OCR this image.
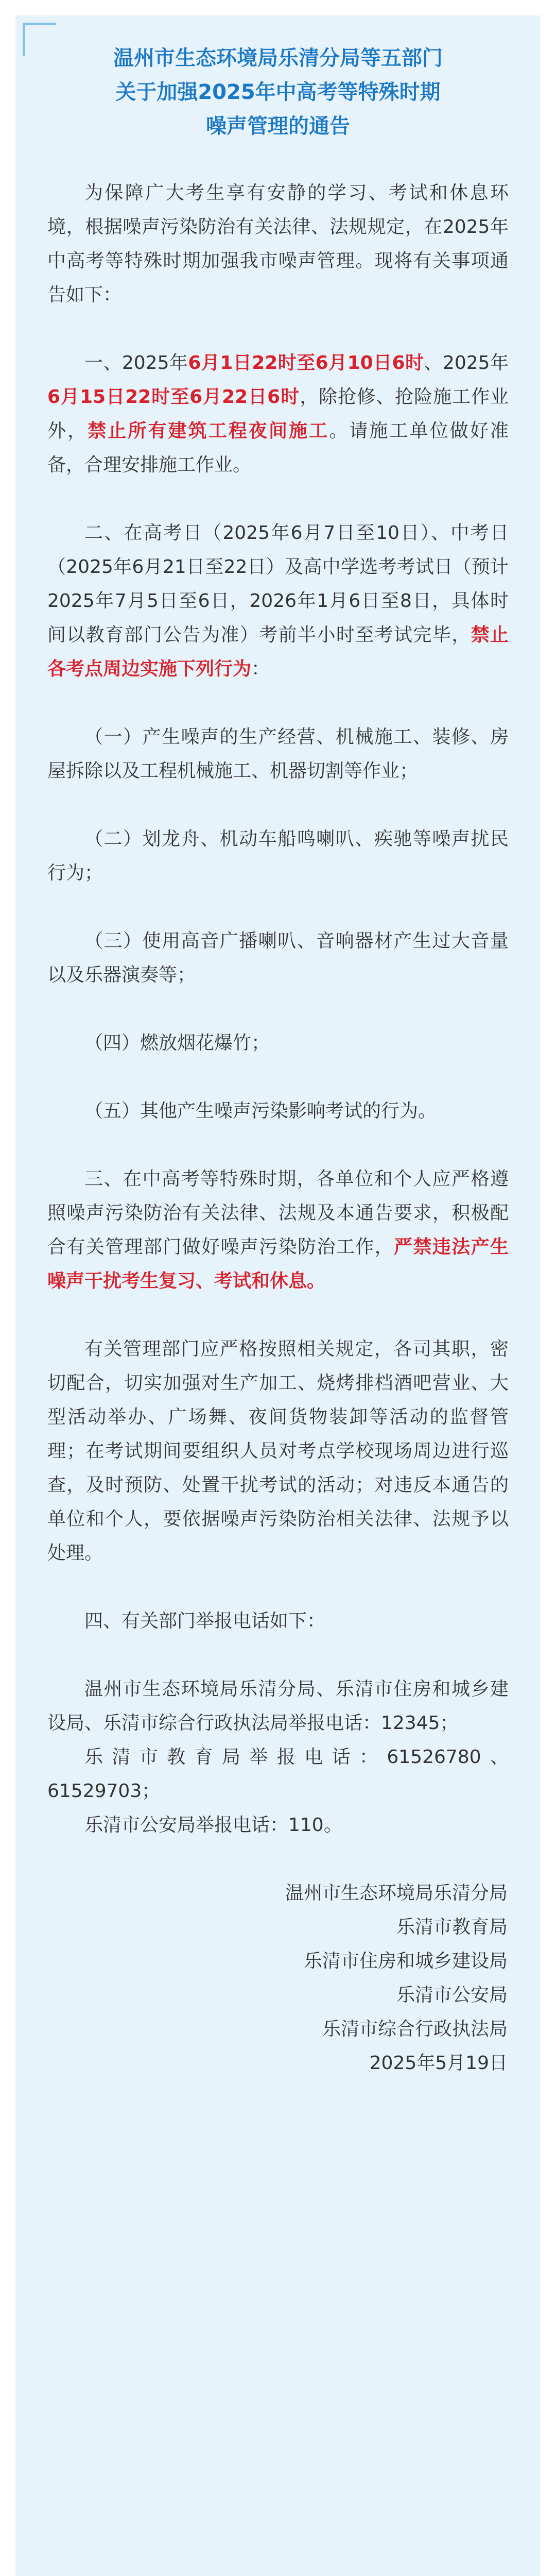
温州市生态环境局乐清分局等五部门
关于加强2025年中高考等特殊时期
噪声管理的通告

为保障广大考生享有安静的学习、考试和休息环境，根据噪声污染防治有关法律、法规规定，在2025年中高考等特殊时期加强我市噪声管理。现将有关事项通告如下：

一、2025年6月1日22时至6月10日6时、2025年6月15日22时至6月22日6时，除抢修、抢险施工作业外，禁止所有建筑工程夜间施工。请施工单位做好准备，合理安排施工作业。

二、在高考日（2025年6月7日至10日）、中考日（2025年6月21日至22日）及高中学选考考试日（预计2025年7月5日至6日，2026年1月6日至8日，具体时间以教育部门公告为准）考前半小时至考试完毕，禁止各考点周边实施下列行为：

（一）产生噪声的生产经营、机械施工、装修、房屋拆除以及工程机械施工、机器切割等作业；

（二）划龙舟、机动车船鸣喇叭、疾驰等噪声扰民行为；

（三）使用高音广播喇叭、音响器材产生过大音量以及乐器演奏等；

（四）燃放烟花爆竹；

（五）其他产生噪声污染影响考试的行为。

三、在中高考等特殊时期，各单位和个人应严格遵照噪声污染防治有关法律、法规及本通告要求，积极配合有关管理部门做好噪声污染防治工作，严禁违法产生噪声干扰考生复习、考试和休息。

有关管理部门应严格按照相关规定，各司其职，密切配合，切实加强对生产加工、烧烤排档酒吧营业、大型活动举办、广场舞、夜间货物装卸等活动的监督管理；在考试期间要组织人员对考点学校现场周边进行巡查，及时预防、处置干扰考试的活动；对违反本通告的单位和个人，要依据噪声污染防治相关法律、法规予以处理。

四、有关部门举报电话如下：

温州市生态环境局乐清分局、乐清市住房和城乡建设局、乐清市综合行政执法局举报电话：12345；

乐清市教育局举报电话：61526780、61529703；

乐清市公安局举报电话：110。

温州市生态环境局乐清分局
乐清市教育局
乐清市住房和城乡建设局
乐清市公安局
乐清市综合行政执法局
2025年5月19日
